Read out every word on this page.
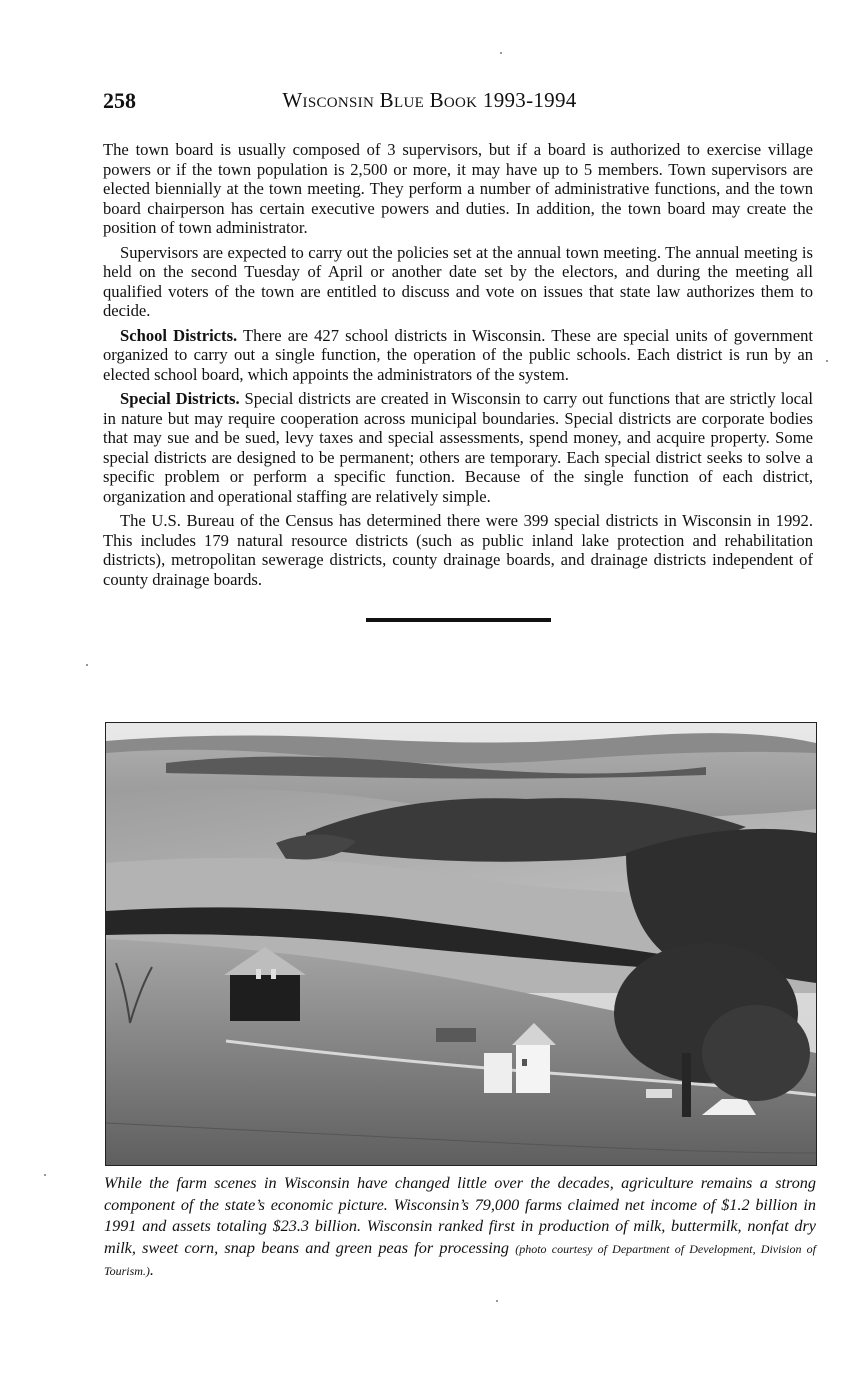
258	Wisconsin Blue Book 1993-1994

The town board is usually composed of 3 supervisors, but if a board is authorized to exercise village powers or if the town population is 2,500 or more, it may have up to 5 members. Town supervisors are elected biennially at the town meeting. They perform a number of administrative functions, and the town board chairperson has certain executive powers and duties. In addition, the town board may create the position of town administrator.

Supervisors are expected to carry out the policies set at the annual town meeting. The annual meeting is held on the second Tuesday of April or another date set by the electors, and during the meeting all qualified voters of the town are entitled to discuss and vote on issues that state law authorizes them to decide.

School Districts. There are 427 school districts in Wisconsin. These are special units of government organized to carry out a single function, the operation of the public schools. Each district is run by an elected school board, which appoints the administrators of the system.

Special Districts. Special districts are created in Wisconsin to carry out functions that are strictly local in nature but may require cooperation across municipal boundaries. Special districts are corporate bodies that may sue and be sued, levy taxes and special assessments, spend money, and acquire property. Some special districts are designed to be permanent; others are temporary. Each special district seeks to solve a specific problem or perform a specific function. Because of the single function of each district, organization and operational staffing are relatively simple.

The U.S. Bureau of the Census has determined there were 399 special districts in Wisconsin in 1992. This includes 179 natural resource districts (such as public inland lake protection and rehabilitation districts), metropolitan sewerage districts, county drainage boards, and drainage districts independent of county drainage boards.

While the farm scenes in Wisconsin have changed little over the decades, agriculture remains a strong component of the state’s economic picture. Wisconsin’s 79,000 farms claimed net income of $1.2 billion in 1991 and assets totaling $23.3 billion. Wisconsin ranked first in production of milk, buttermilk, nonfat dry milk, sweet corn, snap beans and green peas for processing (photo courtesy of Department of Development, Division of Tourism.).
